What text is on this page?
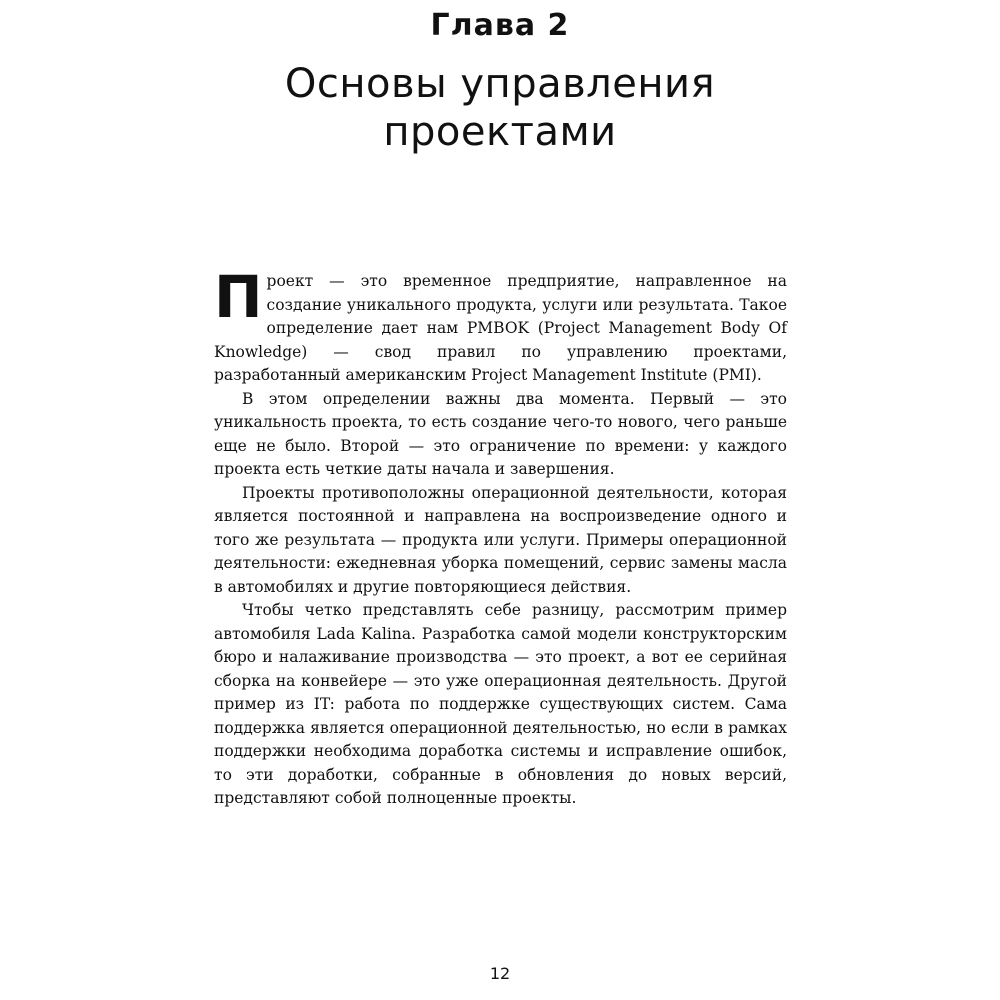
Глава 2
Основы управления
проектами

Проект — это временное предприятие, направленное на создание уникального продукта, услуги или результата. Такое определение дает нам PMBOK (Project Management Body Of Knowledge) — свод правил по управлению проектами, разработанный американским Project Management Institute (PMI).

В этом определении важны два момента. Первый — это уникальность проекта, то есть создание чего-то нового, чего раньше еще не было. Второй — это ограничение по времени: у каждого проекта есть четкие даты начала и завершения.

Проекты противоположны операционной деятельности, которая является постоянной и направлена на воспроизведение одного и того же результата — продукта или услуги. Примеры операционной деятельности: ежедневная уборка помещений, сервис замены масла в автомобилях и другие повторяющиеся действия.

Чтобы четко представлять себе разницу, рассмотрим пример автомобиля Lada Kalina. Разработка самой модели конструкторским бюро и налаживание производства — это проект, а вот ее серийная сборка на конвейере — это уже операционная деятельность. Другой пример из IT: работа по поддержке существующих систем. Сама поддержка является операционной деятельностью, но если в рамках поддержки необходима доработка системы и исправление ошибок, то эти доработки, собранные в обновления до новых версий, представляют собой полноценные проекты.

12
